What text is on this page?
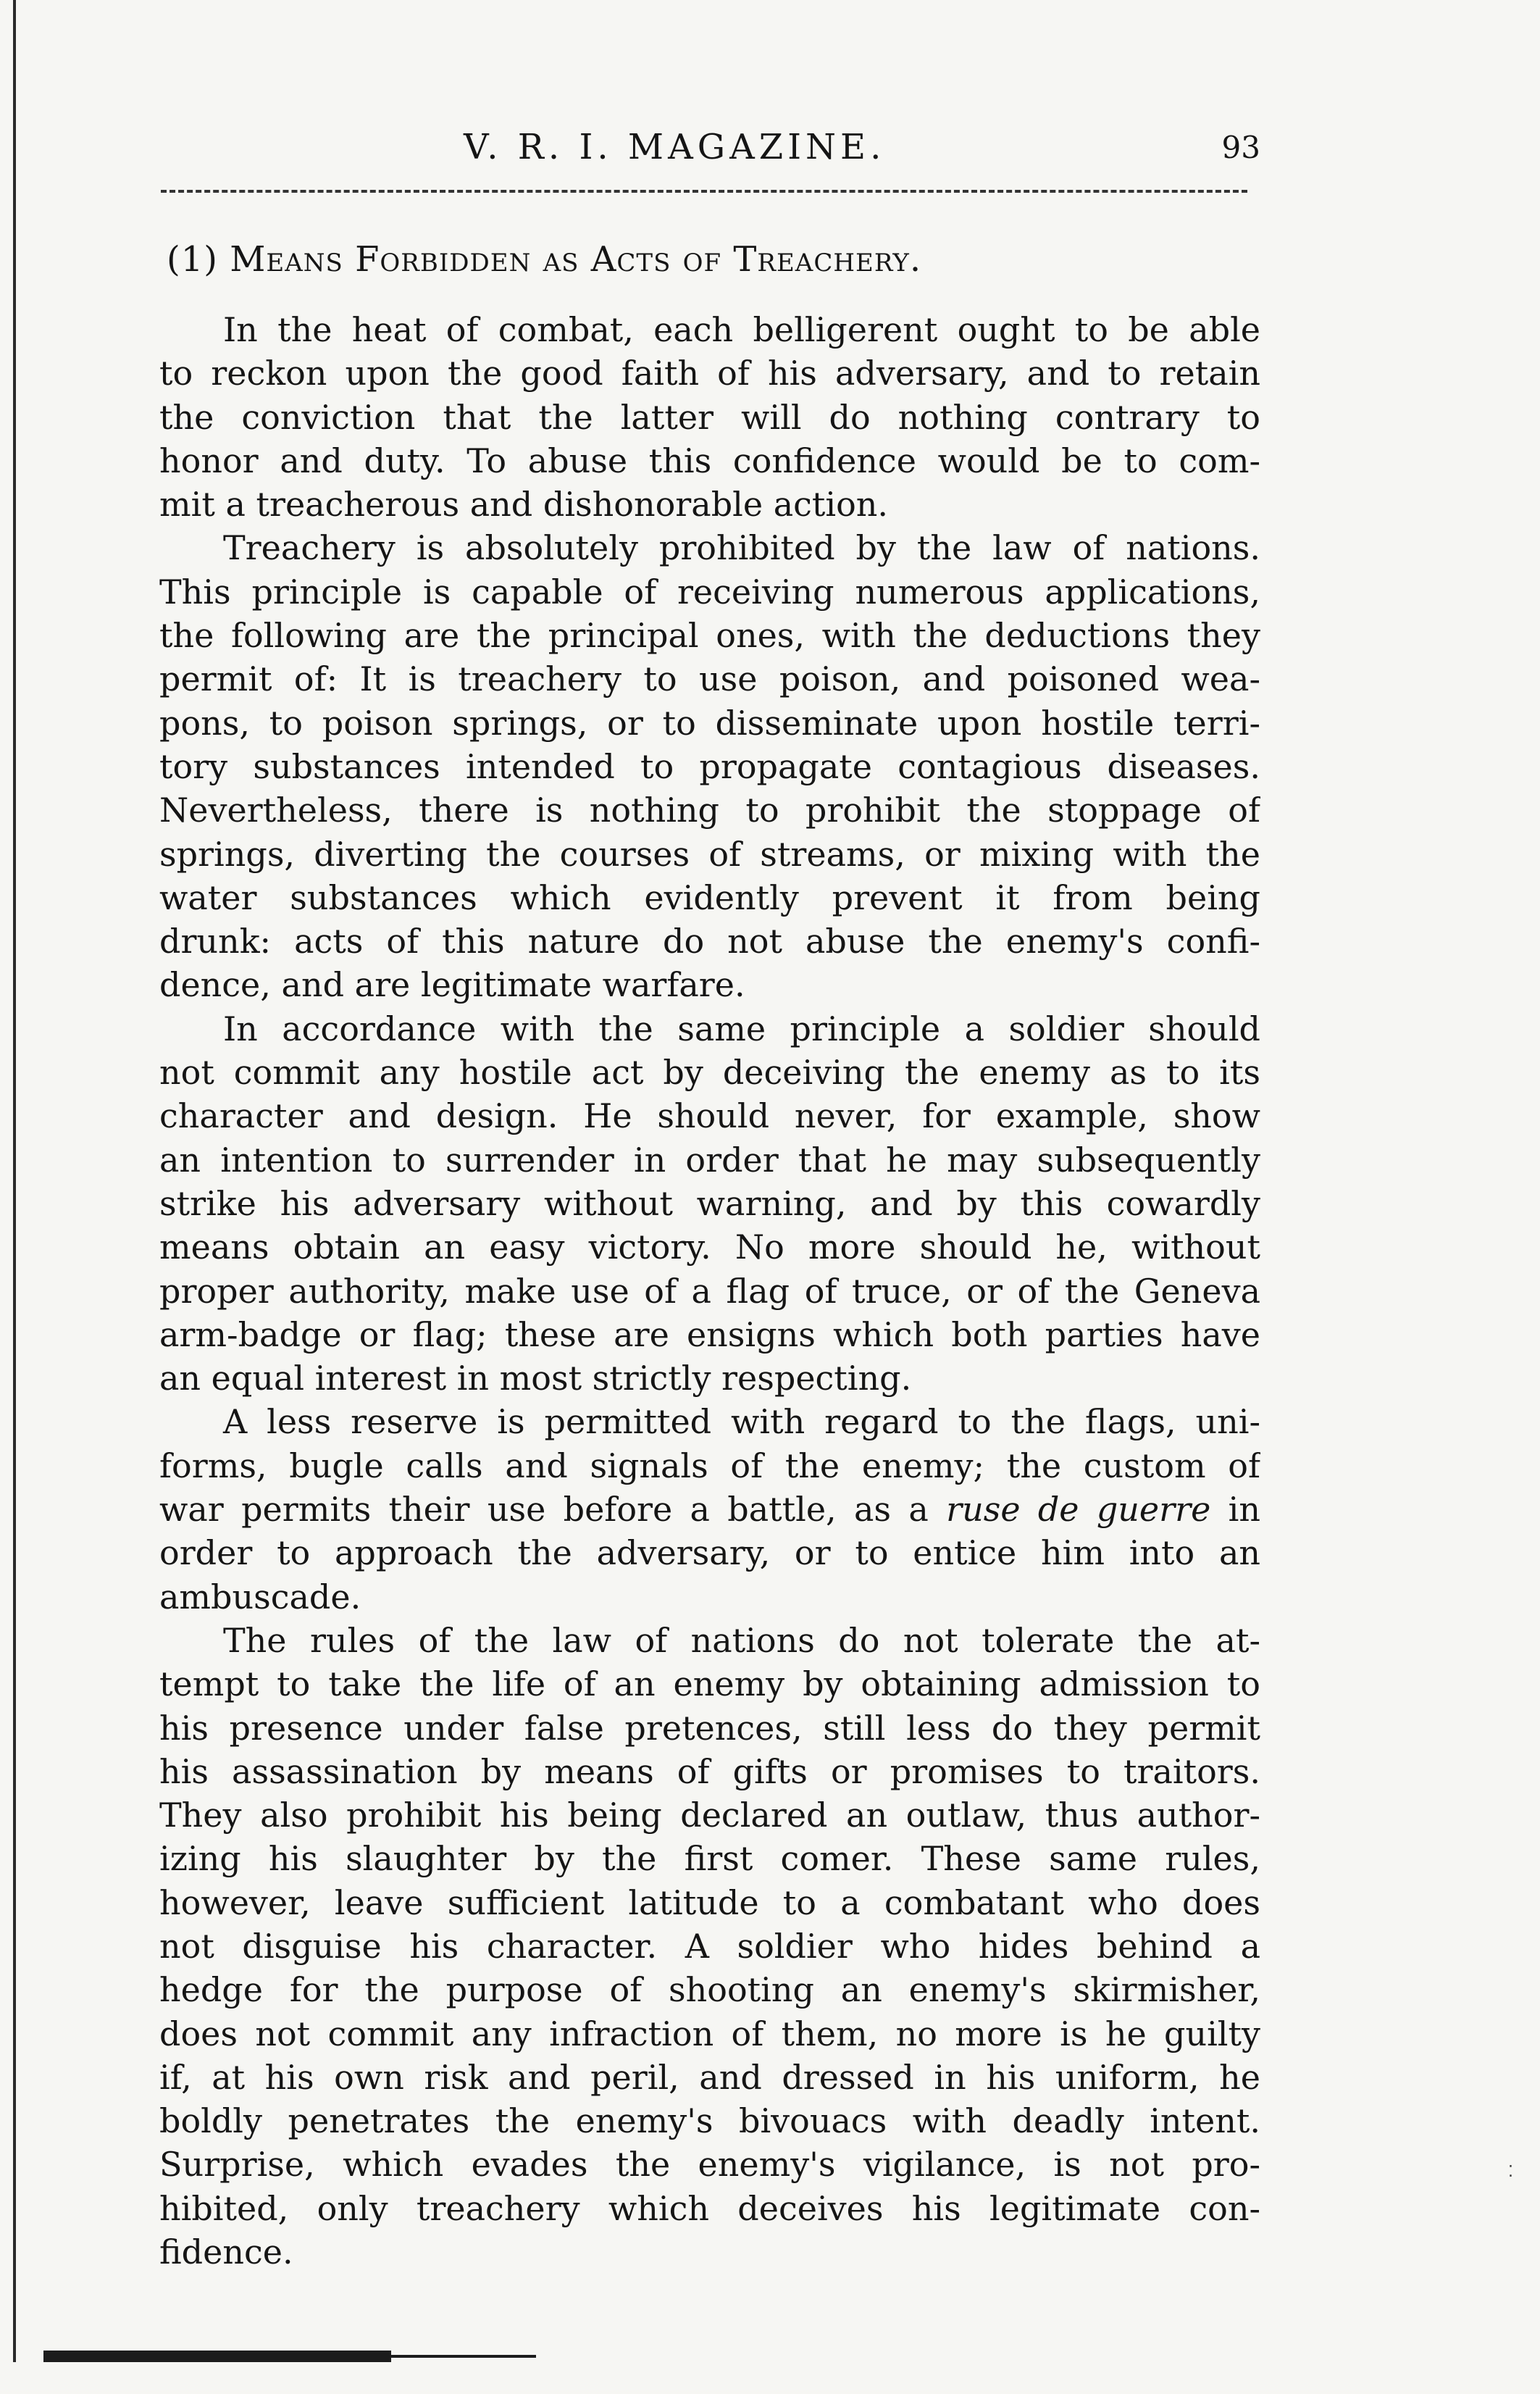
V. R. I. MAGAZINE.	93
(1) Means Forbidden as Acts of Treachery.
In the heat of combat, each belligerent ought to be able
to reckon upon the good faith of his adversary, and to retain
the conviction that the latter will do nothing contrary to
honor and duty. To abuse this confidence would be to com-
mit a treacherous and dishonorable action.
Treachery is absolutely prohibited by the law of nations.
This principle is capable of receiving numerous applications,
the following are the principal ones, with the deductions they
permit of: It is treachery to use poison, and poisoned wea-
pons, to poison springs, or to disseminate upon hostile terri-
tory substances intended to propagate contagious diseases.
Nevertheless, there is nothing to prohibit the stoppage of
springs, diverting the courses of streams, or mixing with the
water substances which evidently prevent it from being
drunk: acts of this nature do not abuse the enemy's confi-
dence, and are legitimate warfare.
In accordance with the same principle a soldier should
not commit any hostile act by deceiving the enemy as to its
character and design. He should never, for example, show
an intention to surrender in order that he may subsequently
strike his adversary without warning, and by this cowardly
means obtain an easy victory. No more should he, without
proper authority, make use of a flag of truce, or of the Geneva
arm-badge or flag; these are ensigns which both parties have
an equal interest in most strictly respecting.
A less reserve is permitted with regard to the flags, uni-
forms, bugle calls and signals of the enemy; the custom of
war permits their use before a battle, as a ruse de guerre in
order to approach the adversary, or to entice him into an
ambuscade.
The rules of the law of nations do not tolerate the at-
tempt to take the life of an enemy by obtaining admission to
his presence under false pretences, still less do they permit
his assassination by means of gifts or promises to traitors.
They also prohibit his being declared an outlaw, thus author-
izing his slaughter by the first comer. These same rules,
however, leave sufficient latitude to a combatant who does
not disguise his character. A soldier who hides behind a
hedge for the purpose of shooting an enemy's skirmisher,
does not commit any infraction of them, no more is he guilty
if, at his own risk and peril, and dressed in his uniform, he
boldly penetrates the enemy's bivouacs with deadly intent.
Surprise, which evades the enemy's vigilance, is not pro-
hibited, only treachery which deceives his legitimate con-
fidence.
⁚
